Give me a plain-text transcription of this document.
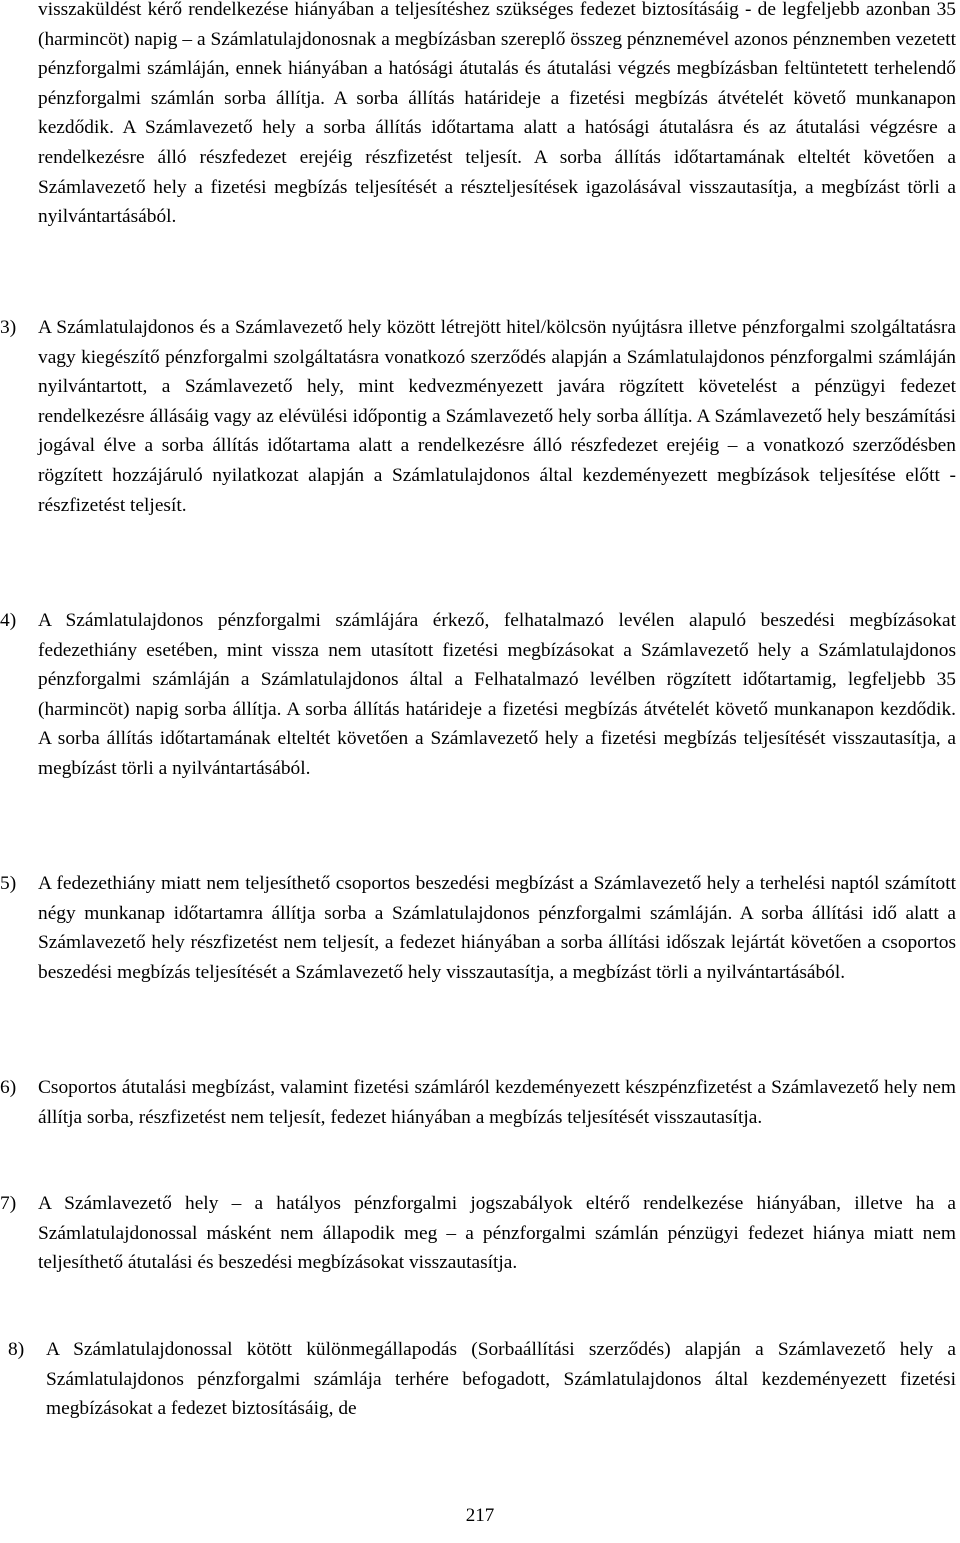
visszaküldést kérő rendelkezése hiányában a teljesítéshez szükséges fedezet biztosításáig - de legfeljebb azonban 35 (harmincöt) napig – a Számlatulajdonosnak a megbízásban szereplő összeg pénznemével azonos pénznemben vezetett pénzforgalmi számláján, ennek hiányában a hatósági átutalás és átutalási végzés megbízásban feltüntetett terhelendő pénzforgalmi számlán sorba állítja. A sorba állítás határideje a fizetési megbízás átvételét követő munkanapon kezdődik. A Számlavezető hely a sorba állítás időtartama alatt a hatósági átutalásra és az átutalási végzésre a rendelkezésre álló részfedezet erejéig részfizetést teljesít. A sorba állítás időtartamának elteltét követően a Számlavezető hely a fizetési megbízás teljesítését a részteljesítések igazolásával visszautasítja, a megbízást törli a nyilvántartásából.

3)	A Számlatulajdonos és a Számlavezető hely között létrejött hitel/kölcsön nyújtásra illetve pénzforgalmi szolgáltatásra vagy kiegészítő pénzforgalmi szolgáltatásra vonatkozó szerződés alapján a Számlatulajdonos pénzforgalmi számláján nyilvántartott, a Számlavezető hely, mint kedvezményezett javára rögzített követelést a pénzügyi fedezet rendelkezésre állásáig vagy az elévülési időpontig a Számlavezető hely sorba állítja. A Számlavezető hely beszámítási jogával élve a sorba állítás időtartama alatt a rendelkezésre álló részfedezet erejéig – a vonatkozó szerződésben rögzített hozzájáruló nyilatkozat alapján a Számlatulajdonos által kezdeményezett megbízások teljesítése előtt - részfizetést teljesít.

4)	A Számlatulajdonos pénzforgalmi számlájára érkező, felhatalmazó levélen alapuló beszedési megbízásokat fedezethiány esetében, mint vissza nem utasított fizetési megbízásokat a Számlavezető hely a Számlatulajdonos pénzforgalmi számláján a Számlatulajdonos által a Felhatalmazó levélben rögzített időtartamig, legfeljebb 35 (harmincöt) napig sorba állítja. A sorba állítás határideje a fizetési megbízás átvételét követő munkanapon kezdődik. A sorba állítás időtartamának elteltét követően a Számlavezető hely a fizetési megbízás teljesítését visszautasítja, a megbízást törli a nyilvántartásából.

5)	A fedezethiány miatt nem teljesíthető csoportos beszedési megbízást a Számlavezető hely a terhelési naptól számított négy munkanap időtartamra állítja sorba a Számlatulajdonos pénzforgalmi számláján. A sorba állítási idő alatt a Számlavezető hely részfizetést nem teljesít, a fedezet hiányában a sorba állítási időszak lejártát követően a csoportos beszedési megbízás teljesítését a Számlavezető hely visszautasítja, a megbízást törli a nyilvántartásából.

6)	Csoportos átutalási megbízást, valamint fizetési számláról kezdeményezett készpénzfizetést a Számlavezető hely nem állítja sorba, részfizetést nem teljesít, fedezet hiányában a megbízás teljesítését visszautasítja.

7)	A Számlavezető hely – a hatályos pénzforgalmi jogszabályok eltérő rendelkezése hiányában, illetve ha a Számlatulajdonossal másként nem állapodik meg – a pénzforgalmi számlán pénzügyi fedezet hiánya miatt nem teljesíthető átutalási és beszedési megbízásokat visszautasítja.

8)	A Számlatulajdonossal kötött különmegállapodás (Sorbaállítási szerződés) alapján a Számlavezető hely a Számlatulajdonos pénzforgalmi számlája terhére befogadott, Számlatulajdonos által kezdeményezett fizetési megbízásokat a fedezet biztosításáig, de

217
